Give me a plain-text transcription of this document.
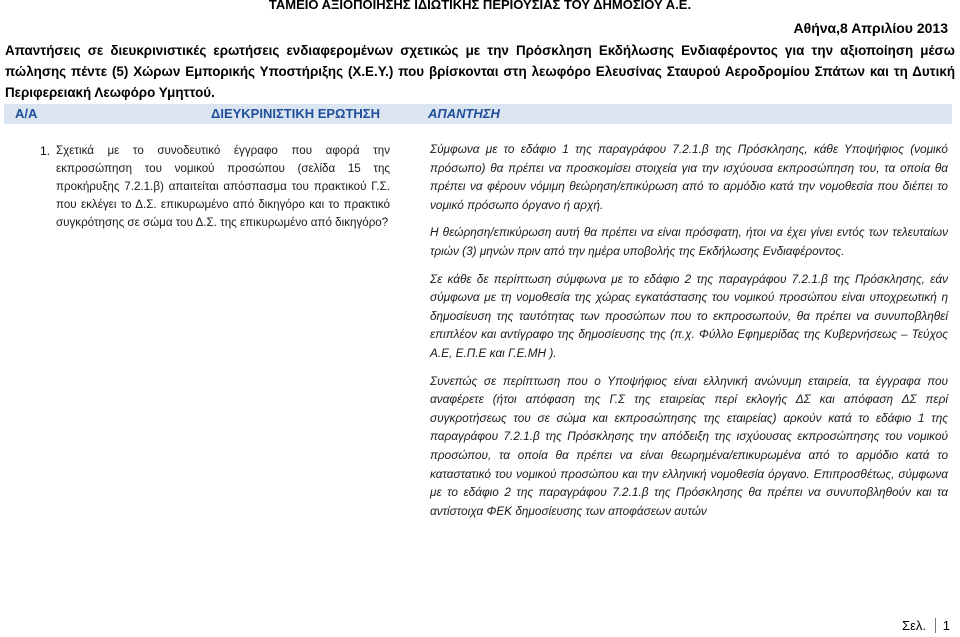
ΤΑΜΕΙΟ ΑΞΙΟΠΟΙΗΣΗΣ ΙΔΙΩΤΙΚΗΣ ΠΕΡΙΟΥΣΙΑΣ ΤΟΥ ΔΗΜΟΣΙΟΥ Α.Ε.
Αθήνα,8 Απριλίου 2013
Απαντήσεις σε διευκρινιστικές ερωτήσεις ενδιαφερομένων σχετικώς με την Πρόσκληση Εκδήλωσης Ενδιαφέροντος για την αξιοποίηση μέσω πώλησης πέντε (5) Χώρων Εμπορικής Υποστήριξης (Χ.Ε.Υ.) που βρίσκονται στη λεωφόρο Ελευσίνας Σταυρού Αεροδρομίου Σπάτων και τη Δυτική Περιφερειακή Λεωφόρο Υμηττού.
Α/Α	ΔΙΕΥΚΡΙΝΙΣΤΙΚΗ ΕΡΩΤΗΣΗ	ΑΠΑΝΤΗΣΗ
1. Σχετικά με το συνοδευτικό έγγραφο που αφορά την εκπροσώπηση του νομικού προσώπου (σελίδα 15 της προκήρυξης 7.2.1.β) απαιτείται απόσπασμα του πρακτικού Γ.Σ. που εκλέγει το Δ.Σ. επικυρωμένο από δικηγόρο και το πρακτικό συγκρότησης σε σώμα του Δ.Σ. της επικυρωμένο από δικηγόρο?

Σύμφωνα με το εδάφιο 1 της παραγράφου 7.2.1.β της Πρόσκλησης, κάθε Υποψήφιος (νομικό πρόσωπο) θα πρέπει να προσκομίσει στοιχεία για την ισχύουσα εκπροσώπηση του, τα οποία θα πρέπει να φέρουν νόμιμη θεώρηση/επικύρωση από το αρμόδιο κατά την νομοθεσία που διέπει το νομικό πρόσωπο όργανο ή αρχή.

Η θεώρηση/επικύρωση αυτή θα πρέπει να είναι πρόσφατη, ήτοι να έχει γίνει εντός των τελευταίων τριών (3) μηνών πριν από την ημέρα υποβολής της Εκδήλωσης Ενδιαφέροντος.

Σε κάθε δε περίπτωση σύμφωνα με το εδάφιο 2 της παραγράφου 7.2.1.β της Πρόσκλησης, εάν σύμφωνα με τη νομοθεσία της χώρας εγκατάστασης του νομικού προσώπου είναι υποχρεωτική η δημοσίευση της ταυτότητας των προσώπων που το εκπροσωπούν, θα πρέπει να συνυποβληθεί επιπλέον και αντίγραφο της δημοσίευσης της (π.χ. Φύλλο Εφημερίδας της Κυβερνήσεως – Τεύχος Α.Ε, Ε.Π.Ε και Γ.Ε.ΜΗ ).

Συνεπώς σε περίπτωση που ο Υποψήφιος είναι ελληνική ανώνυμη εταιρεία, τα έγγραφα που αναφέρετε (ήτοι απόφαση της Γ.Σ της εταιρείας περί εκλογής ΔΣ και απόφαση ΔΣ περί συγκροτήσεως του σε σώμα και εκπροσώπησης της εταιρείας) αρκούν κατά το εδάφιο 1 της παραγράφου 7.2.1.β της Πρόσκλησης την απόδειξη της ισχύουσας εκπροσώπησης του νομικού προσώπου, τα οποία θα πρέπει να είναι θεωρημένα/επικυρωμένα από το αρμόδιο κατά το καταστατικό του νομικού προσώπου και την ελληνική νομοθεσία όργανο. Επιπροσθέτως, σύμφωνα με το εδάφιο 2 της παραγράφου 7.2.1.β της Πρόσκλησης θα πρέπει να συνυποβληθούν και τα αντίστοιχα ΦΕΚ δημοσίευσης των αποφάσεων αυτών

Σελ. 1
